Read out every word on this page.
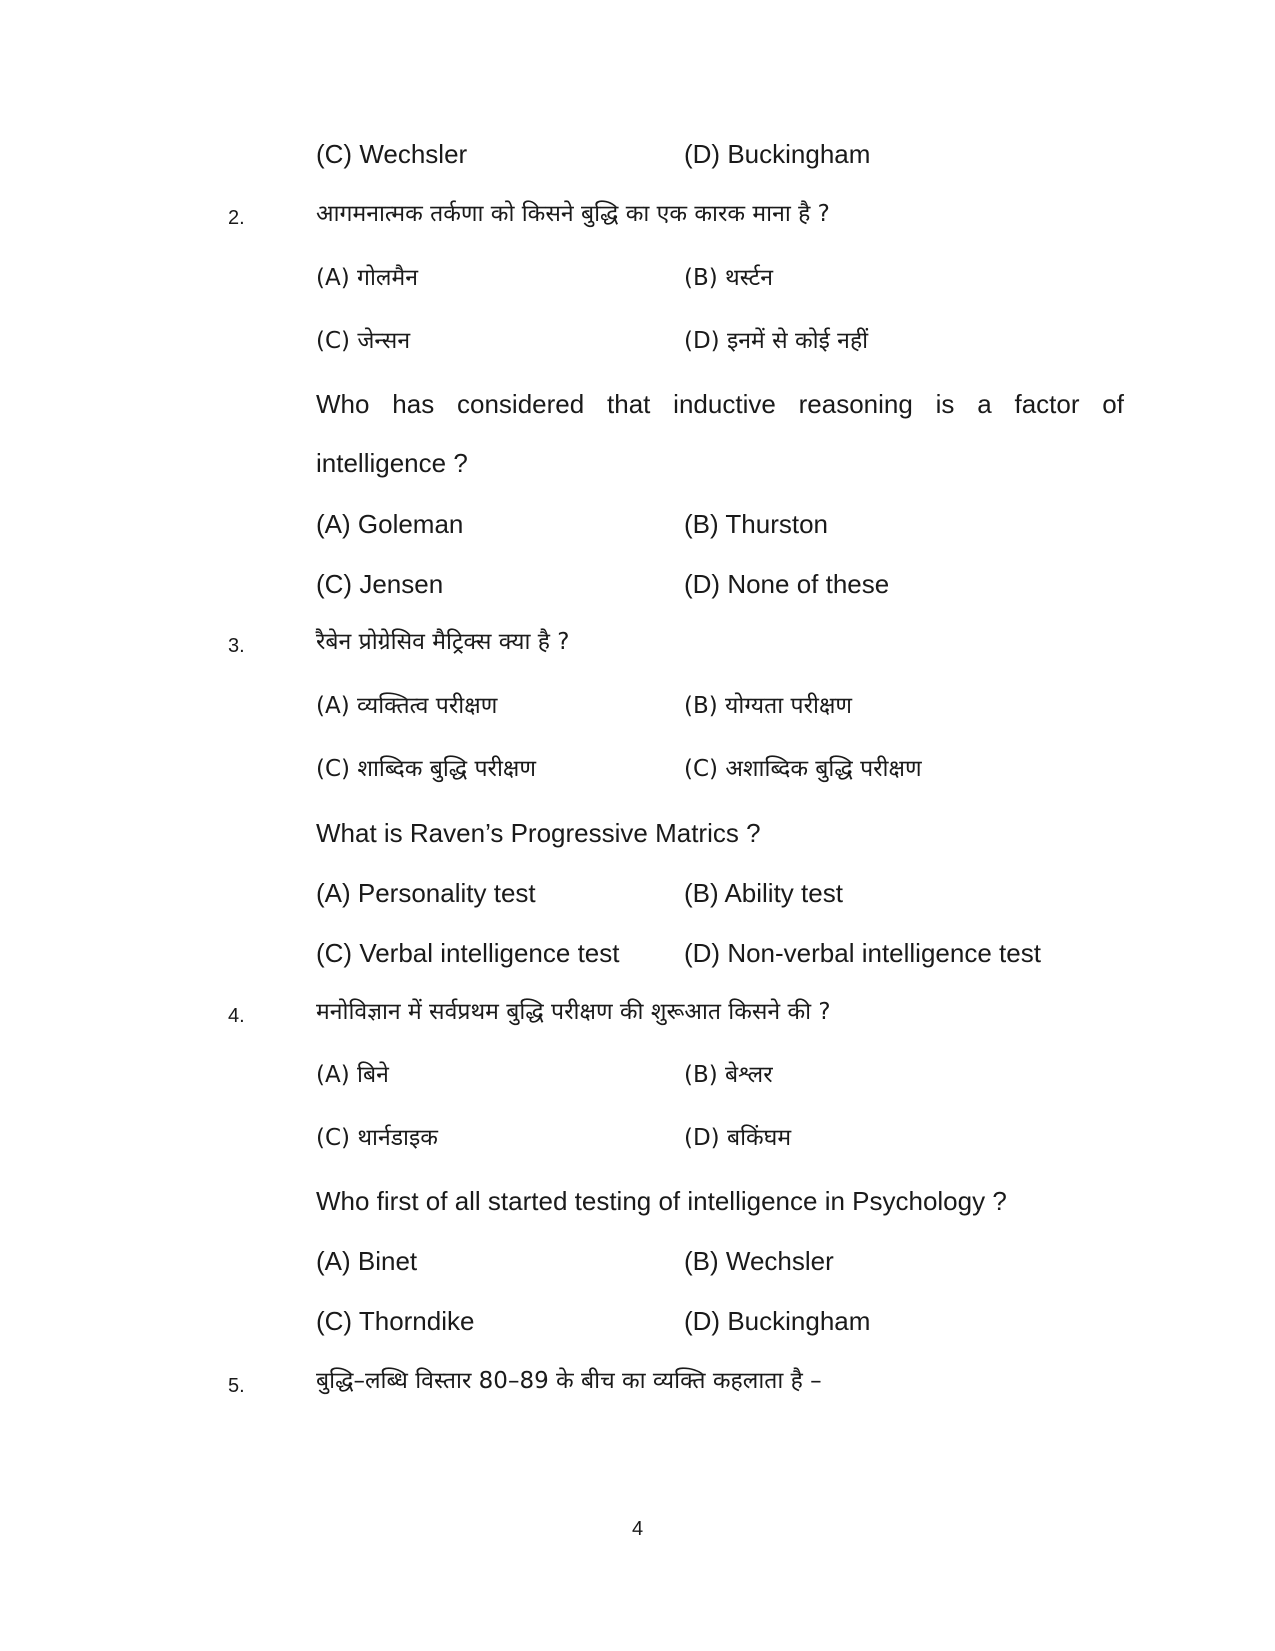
(C) Wechsler	(D) Buckingham
2.	आगमनात्मक तर्कणा को किसने बुद्धि का एक कारक माना है ?
(A) गोलमैन	(B) थर्स्टन
(C) जेन्सन	(D) इनमें से कोई नहीं
Who has considered that inductive reasoning is a factor of
intelligence ?
(A) Goleman	(B) Thurston
(C) Jensen	(D) None of these
3.	रैबेन प्रोग्रेसिव मैट्रिक्स क्या है ?
(A) व्यक्तित्व परीक्षण	(B) योग्यता परीक्षण
(C) शाब्दिक बुद्धि परीक्षण	(C) अशाब्दिक बुद्धि परीक्षण
What is Raven’s Progressive Matrics ?
(A) Personality test	(B) Ability test
(C) Verbal intelligence test (D) Non-verbal intelligence test
4.	मनोविज्ञान में सर्वप्रथम बुद्धि परीक्षण की शुरूआत किसने की ?
(A) बिने	(B) बेश्लर
(C) थार्नडाइक	(D) बकिंघम
Who first of all started testing of intelligence in Psychology ?
(A) Binet	(B) Wechsler
(C) Thorndike	(D) Buckingham
5.	बुद्धि–लब्धि विस्तार 80–89 के बीच का व्यक्ति कहलाता है –
4
